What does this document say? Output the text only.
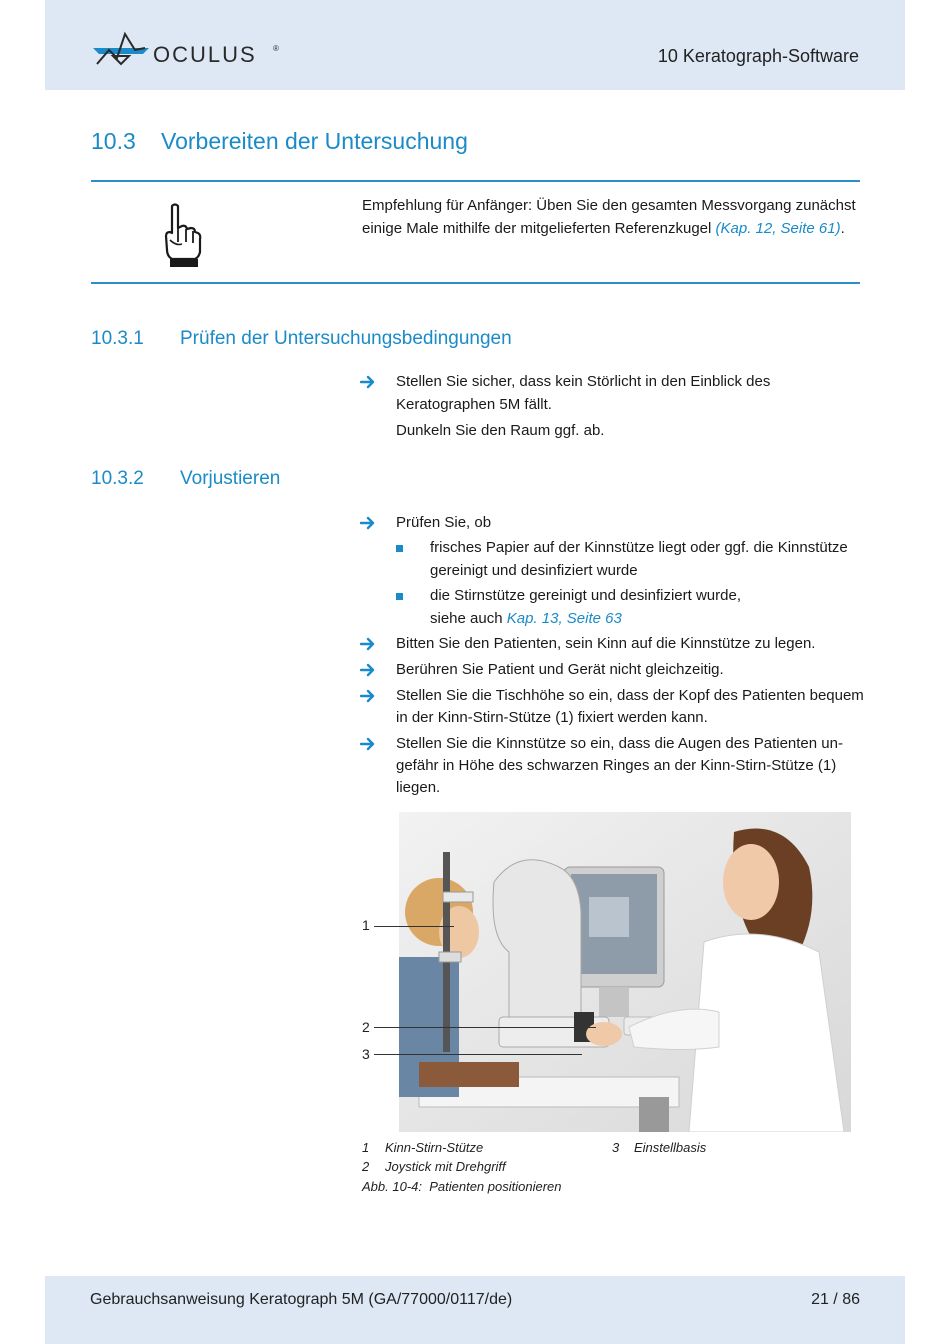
OCULUS ®	10 Keratograph-Software
10.3 Vorbereiten der Untersuchung
Empfehlung für Anfänger: Üben Sie den gesamten Messvorgang zunächst einige Male mithilfe der mitgelieferten Referenzkugel (Kap. 12, Seite 61).
10.3.1 Prüfen der Untersuchungsbedingungen
Stellen Sie sicher, dass kein Störlicht in den Einblick des
Keratographen 5M fällt.
Dunkeln Sie den Raum ggf. ab.
10.3.2 Vorjustieren
Prüfen Sie, ob
frisches Papier auf der Kinnstütze liegt oder ggf. die Kinnstütze
gereinigt und desinfiziert wurde
die Stirnstütze gereinigt und desinfiziert wurde,
siehe auch Kap. 13, Seite 63
Bitten Sie den Patienten, sein Kinn auf die Kinnstütze zu legen.
Berühren Sie Patient und Gerät nicht gleichzeitig.
Stellen Sie die Tischhöhe so ein, dass der Kopf des Patienten bequem
in der Kinn-Stirn-Stütze (1) fixiert werden kann.
Stellen Sie die Kinnstütze so ein, dass die Augen des Patienten un-
gefähr in Höhe des schwarzen Ringes an der Kinn-Stirn-Stütze (1)
liegen.
1
2
3
1 Kinn-Stirn-Stütze	3 Einstellbasis
2 Joystick mit Drehgriff
Abb. 10-4: Patienten positionieren
Gebrauchsanweisung Keratograph 5M (GA/77000/0117/de)	21 / 86
